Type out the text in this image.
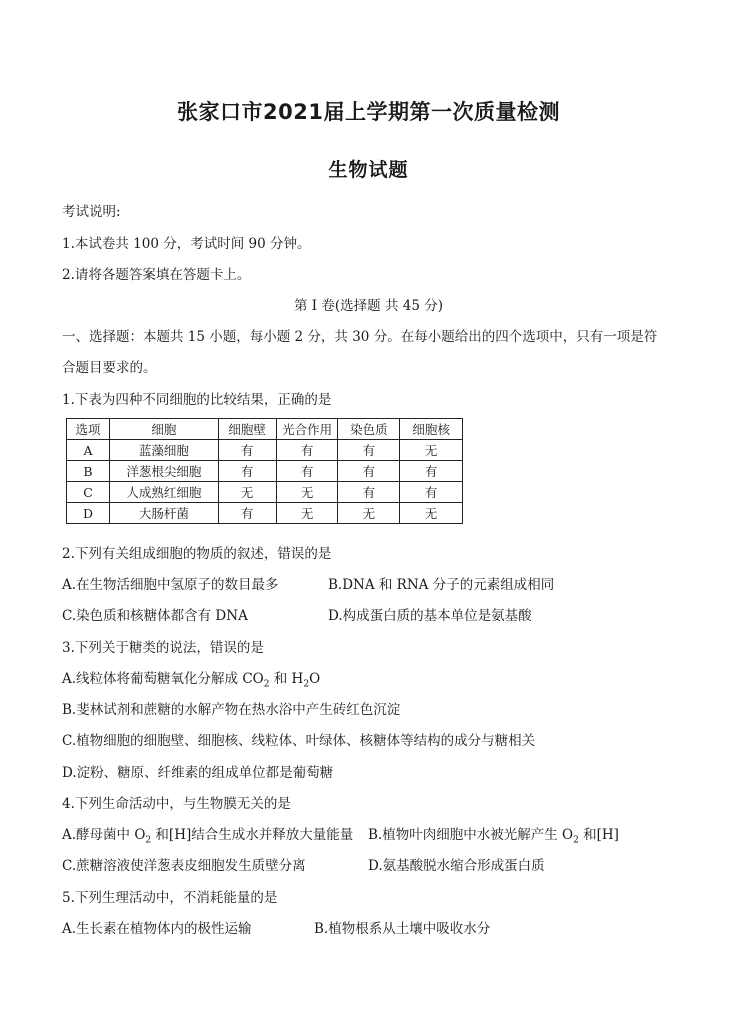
张家口市2021届上学期第一次质量检测
生物试题
考试说明:
1.本试卷共 100 分，考试时间 90 分钟。
2.请将各题答案填在答题卡上。
第 I 卷(选择题 共 45 分)
一、选择题：本题共 15 小题，每小题 2 分，共 30 分。在每小题给出的四个选项中，只有一项是符
合题目要求的。
1.下表为四种不同细胞的比较结果，正确的是
选项	细胞	细胞壁	光合作用	染色质	细胞核
A	蓝藻细胞	有	有	有	无
B	洋葱根尖细胞	有	有	有	有
C	人成熟红细胞	无	无	有	有
D	大肠杆菌	有	无	无	无
2.下列有关组成细胞的物质的叙述，错误的是
A.在生物活细胞中氢原子的数目最多	B.DNA 和 RNA 分子的元素组成相同
C.染色质和核糖体都含有 DNA	D.构成蛋白质的基本单位是氨基酸
3.下列关于糖类的说法，错误的是
A.线粒体将葡萄糖氧化分解成 $CO_2$ 和 $H_2O$
B.斐林试剂和蔗糖的水解产物在热水浴中产生砖红色沉淀
C.植物细胞的细胞壁、细胞核、线粒体、叶绿体、核糖体等结构的成分与糖相关
D.淀粉、糖原、纤维素的组成单位都是葡萄糖
4.下列生命活动中，与生物膜无关的是
A.酵母菌中 $O_2$ 和[H]结合生成水并释放大量能量 B.植物叶肉细胞中水被光解产生 $O_2$ 和[H]
C.蔗糖溶液使洋葱表皮细胞发生质壁分离	D.氨基酸脱水缩合形成蛋白质
5.下列生理活动中，不消耗能量的是
A.生长素在植物体内的极性运输	B.植物根系从土壤中吸收水分
